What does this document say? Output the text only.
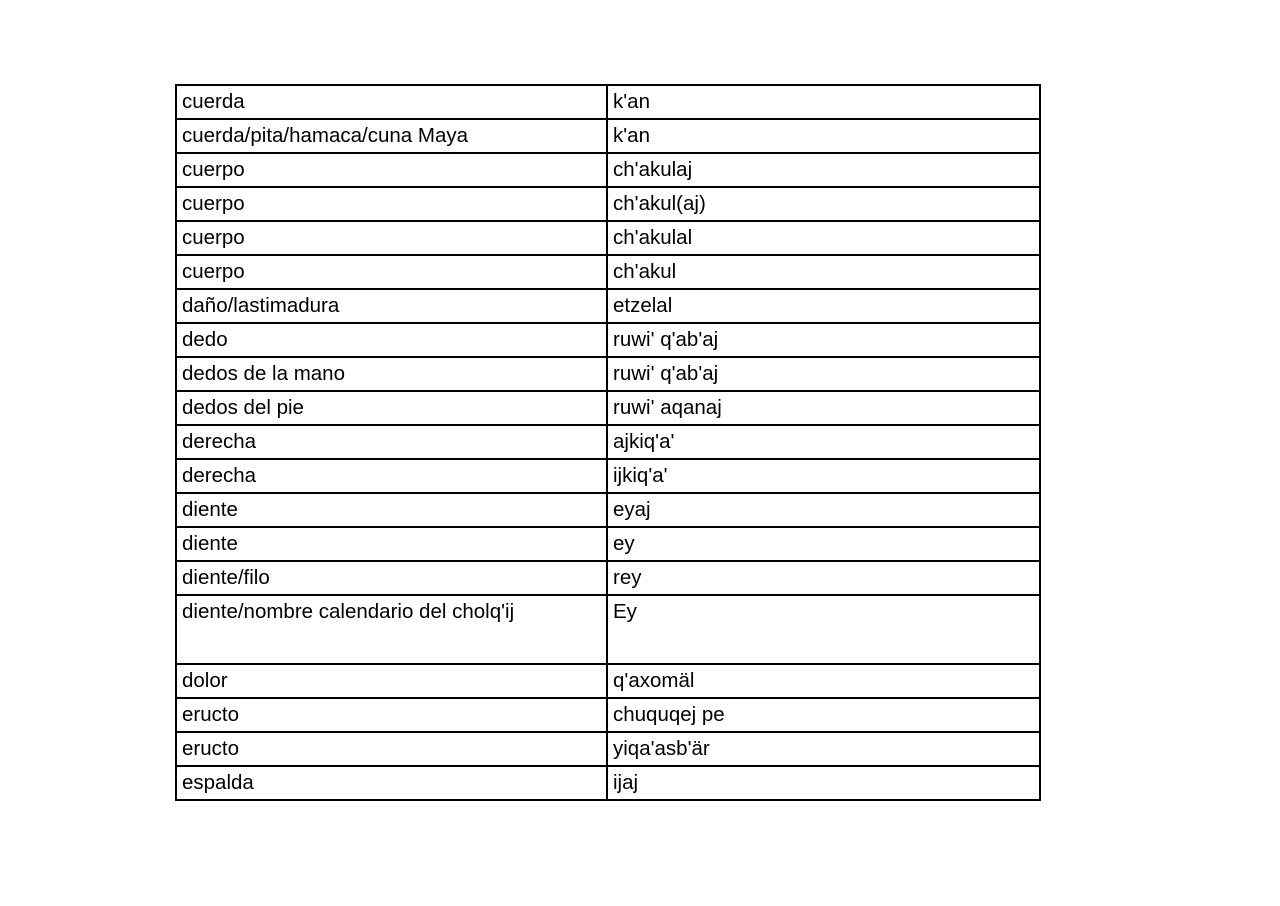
cuerda	k'an
cuerda/pita/hamaca/cuna Maya	k'an
cuerpo	ch'akulaj
cuerpo	ch'akul(aj)
cuerpo	ch'akulal
cuerpo	ch'akul
daño/lastimadura	etzelal
dedo	ruwi' q'ab'aj
dedos de la mano	ruwi' q'ab'aj
dedos del pie	ruwi' aqanaj
derecha	ajkiq'a'
derecha	ijkiq'a'
diente	eyaj
diente	ey
diente/filo	rey
diente/nombre calendario del cholq'ij	Ey
dolor	q'axomäl
eructo	chuquqej pe
eructo	yiqa'asb'är
espalda	ijaj
